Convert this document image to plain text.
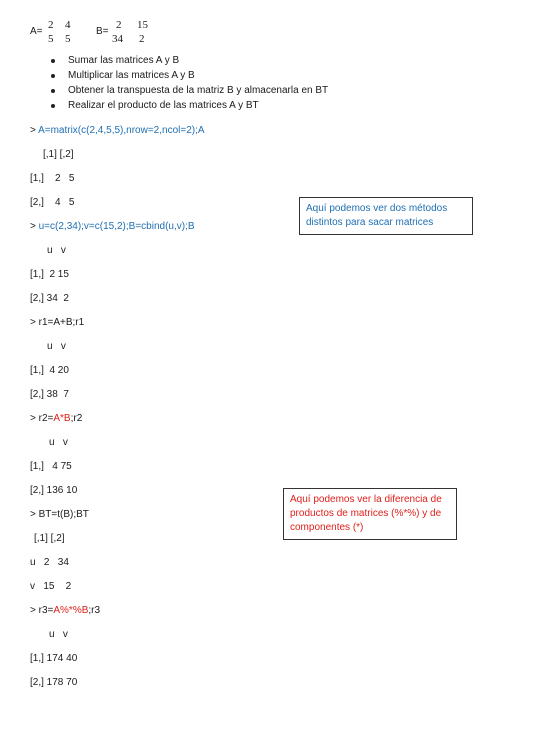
A=
2 4
5 5
B=
2 15
34 2
Sumar las matrices A y B
Multiplicar las matrices A y B
Obtener la transpuesta de la matriz B y almacenarla en BT
Realizar el producto de las matrices A y BT
> A=matrix(c(2,4,5,5),nrow=2,ncol=2);A
[,1] [,2]
[1,]    2   5
[2,]    4   5
> u=c(2,34);v=c(15,2);B=cbind(u,v);B
u   v
[1,]  2 15
[2,] 34  2
> r1=A+B;r1
u   v
[1,]  4 20
[2,] 38  7
> r2=A*B;r2
u   v
[1,]   4 75
[2,] 136 10
> BT=t(B);BT
[,1] [,2]
u   2   34
v   15    2
> r3=A%*%B;r3
u   v
[1,] 174 40
[2,] 178 70
Aquí podemos ver dos métodos distintos para sacar matrices
Aquí podemos ver la diferencia de productos de matrices (%*%) y de componentes (*)
